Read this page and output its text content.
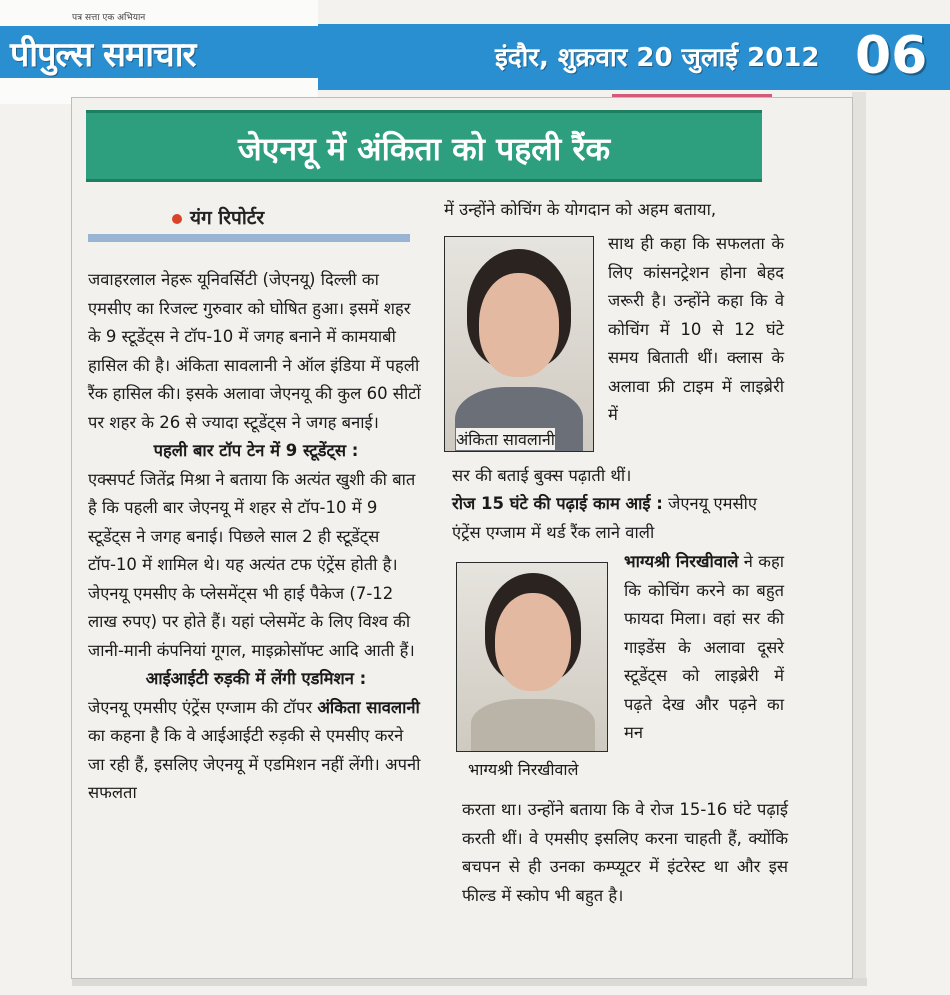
पत्र सत्ता एक अभियान
पीपुल्स समाचार	इंदौर, शुक्रवार 20 जुलाई 2012 06
जेएनयू में अंकिता को पहली रैंक
यंग रिपोर्टर

जवाहरलाल नेहरू यूनिवर्सिटी (जेएनयू) दिल्ली का एमसीए का रिजल्ट गुरुवार को घोषित हुआ। इसमें शहर के 9 स्टूडेंट्स ने टॉप-10 में जगह बनाने में कामयाबी हासिल की है। अंकिता सावलानी ने ऑल इंडिया में पहली रैंक हासिल की। इसके अलावा जेएनयू की कुल 60 सीटों पर शहर के 26 से ज्यादा स्टूडेंट्स ने जगह बनाई।

पहली बार टॉप टेन में 9 स्टूडेंट्स :

एक्सपर्ट जितेंद्र मिश्रा ने बताया कि अत्यंत खुशी की बात है कि पहली बार जेएनयू में शहर से टॉप-10 में 9 स्टूडेंट्स ने जगह बनाई। पिछले साल 2 ही स्टूडेंट्स टॉप-10 में शामिल थे। यह अत्यंत टफ एंट्रेंस होती है। जेएनयू एमसीए के प्लेसमेंट्स भी हाई पैकेज (7-12 लाख रुपए) पर होते हैं। यहां प्लेसमेंट के लिए विश्व की जानी-मानी कंपनियां गूगल, माइक्रोसॉफ्ट आदि आती हैं।

आईआईटी रुड़की में लेंगी एडमिशन :

जेएनयू एमसीए एंट्रेंस एग्जाम की टॉपर अंकिता सावलानी का कहना है कि वे आईआईटी रुड़की से एमसीए करने जा रही हैं, इसलिए जेएनयू में एडमिशन नहीं लेंगी। अपनी सफलता

में उन्होंने कोचिंग के योगदान को अहम बताया,
अंकिता सावलानी
साथ ही कहा कि सफलता के लिए कांसनट्रेशन होना बेहद जरूरी है। उन्होंने कहा कि वे कोचिंग में 10 से 12 घंटे समय बिताती थीं। क्लास के अलावा फ्री टाइम में लाइब्रेरी में
सर की बताई बुक्स पढ़ाती थीं।
रोज 15 घंटे की पढ़ाई काम आई : जेएनयू एमसीए एंट्रेंस एग्जाम में थर्ड रैंक लाने वाली
भाग्यश्री निरखीवाले
भाग्यश्री निरखीवाले ने कहा कि कोचिंग करने का बहुत फायदा मिला। वहां सर की गाइडेंस के अलावा दूसरे स्टूडेंट्स को लाइब्रेरी में पढ़ते देख और पढ़ने का मन
करता था। उन्होंने बताया कि वे रोज 15-16 घंटे पढ़ाई करती थीं। वे एमसीए इसलिए करना चाहती हैं, क्योंकि बचपन से ही उनका कम्प्यूटर में इंटरेस्ट था और इस फील्ड में स्कोप भी बहुत है।
